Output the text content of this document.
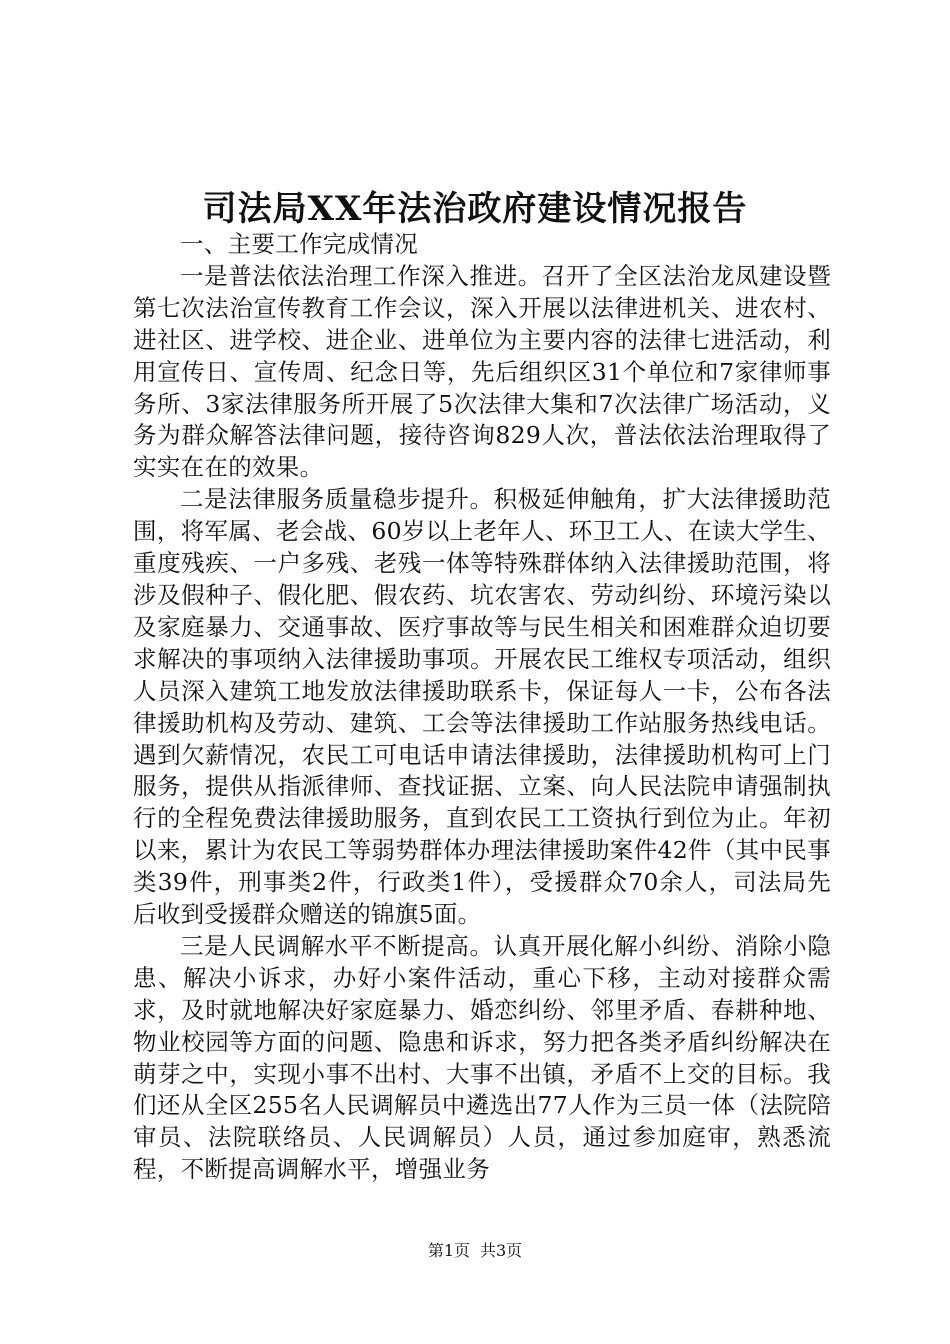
司法局XX年法治政府建设情况报告

一、主要工作完成情况

一是普法依法治理工作深入推进。召开了全区法治龙凤建设暨第七次法治宣传教育工作会议，深入开展以法律进机关、进农村、进社区、进学校、进企业、进单位为主要内容的法律七进活动，利用宣传日、宣传周、纪念日等，先后组织区31个单位和7家律师事务所、3家法律服务所开展了5次法律大集和7次法律广场活动，义务为群众解答法律问题，接待咨询829人次，普法依法治理取得了实实在在的效果。

二是法律服务质量稳步提升。积极延伸触角，扩大法律援助范围，将军属、老会战、60岁以上老年人、环卫工人、在读大学生、重度残疾、一户多残、老残一体等特殊群体纳入法律援助范围，将涉及假种子、假化肥、假农药、坑农害农、劳动纠纷、环境污染以及家庭暴力、交通事故、医疗事故等与民生相关和困难群众迫切要求解决的事项纳入法律援助事项。开展农民工维权专项活动，组织人员深入建筑工地发放法律援助联系卡，保证每人一卡，公布各法律援助机构及劳动、建筑、工会等法律援助工作站服务热线电话。遇到欠薪情况，农民工可电话申请法律援助，法律援助机构可上门服务，提供从指派律师、查找证据、立案、向人民法院申请强制执行的全程免费法律援助服务，直到农民工工资执行到位为止。年初以来，累计为农民工等弱势群体办理法律援助案件42件（其中民事类39件，刑事类2件，行政类1件），受援群众70余人，司法局先后收到受援群众赠送的锦旗5面。

三是人民调解水平不断提高。认真开展化解小纠纷、消除小隐患、解决小诉求，办好小案件活动，重心下移，主动对接群众需求，及时就地解决好家庭暴力、婚恋纠纷、邻里矛盾、春耕种地、物业校园等方面的问题、隐患和诉求，努力把各类矛盾纠纷解决在萌芽之中，实现小事不出村、大事不出镇，矛盾不上交的目标。我们还从全区255名人民调解员中遴选出77人作为三员一体（法院陪审员、法院联络员、人民调解员）人员，通过参加庭审，熟悉流程，不断提高调解水平，增强业务

第1页 共3页
